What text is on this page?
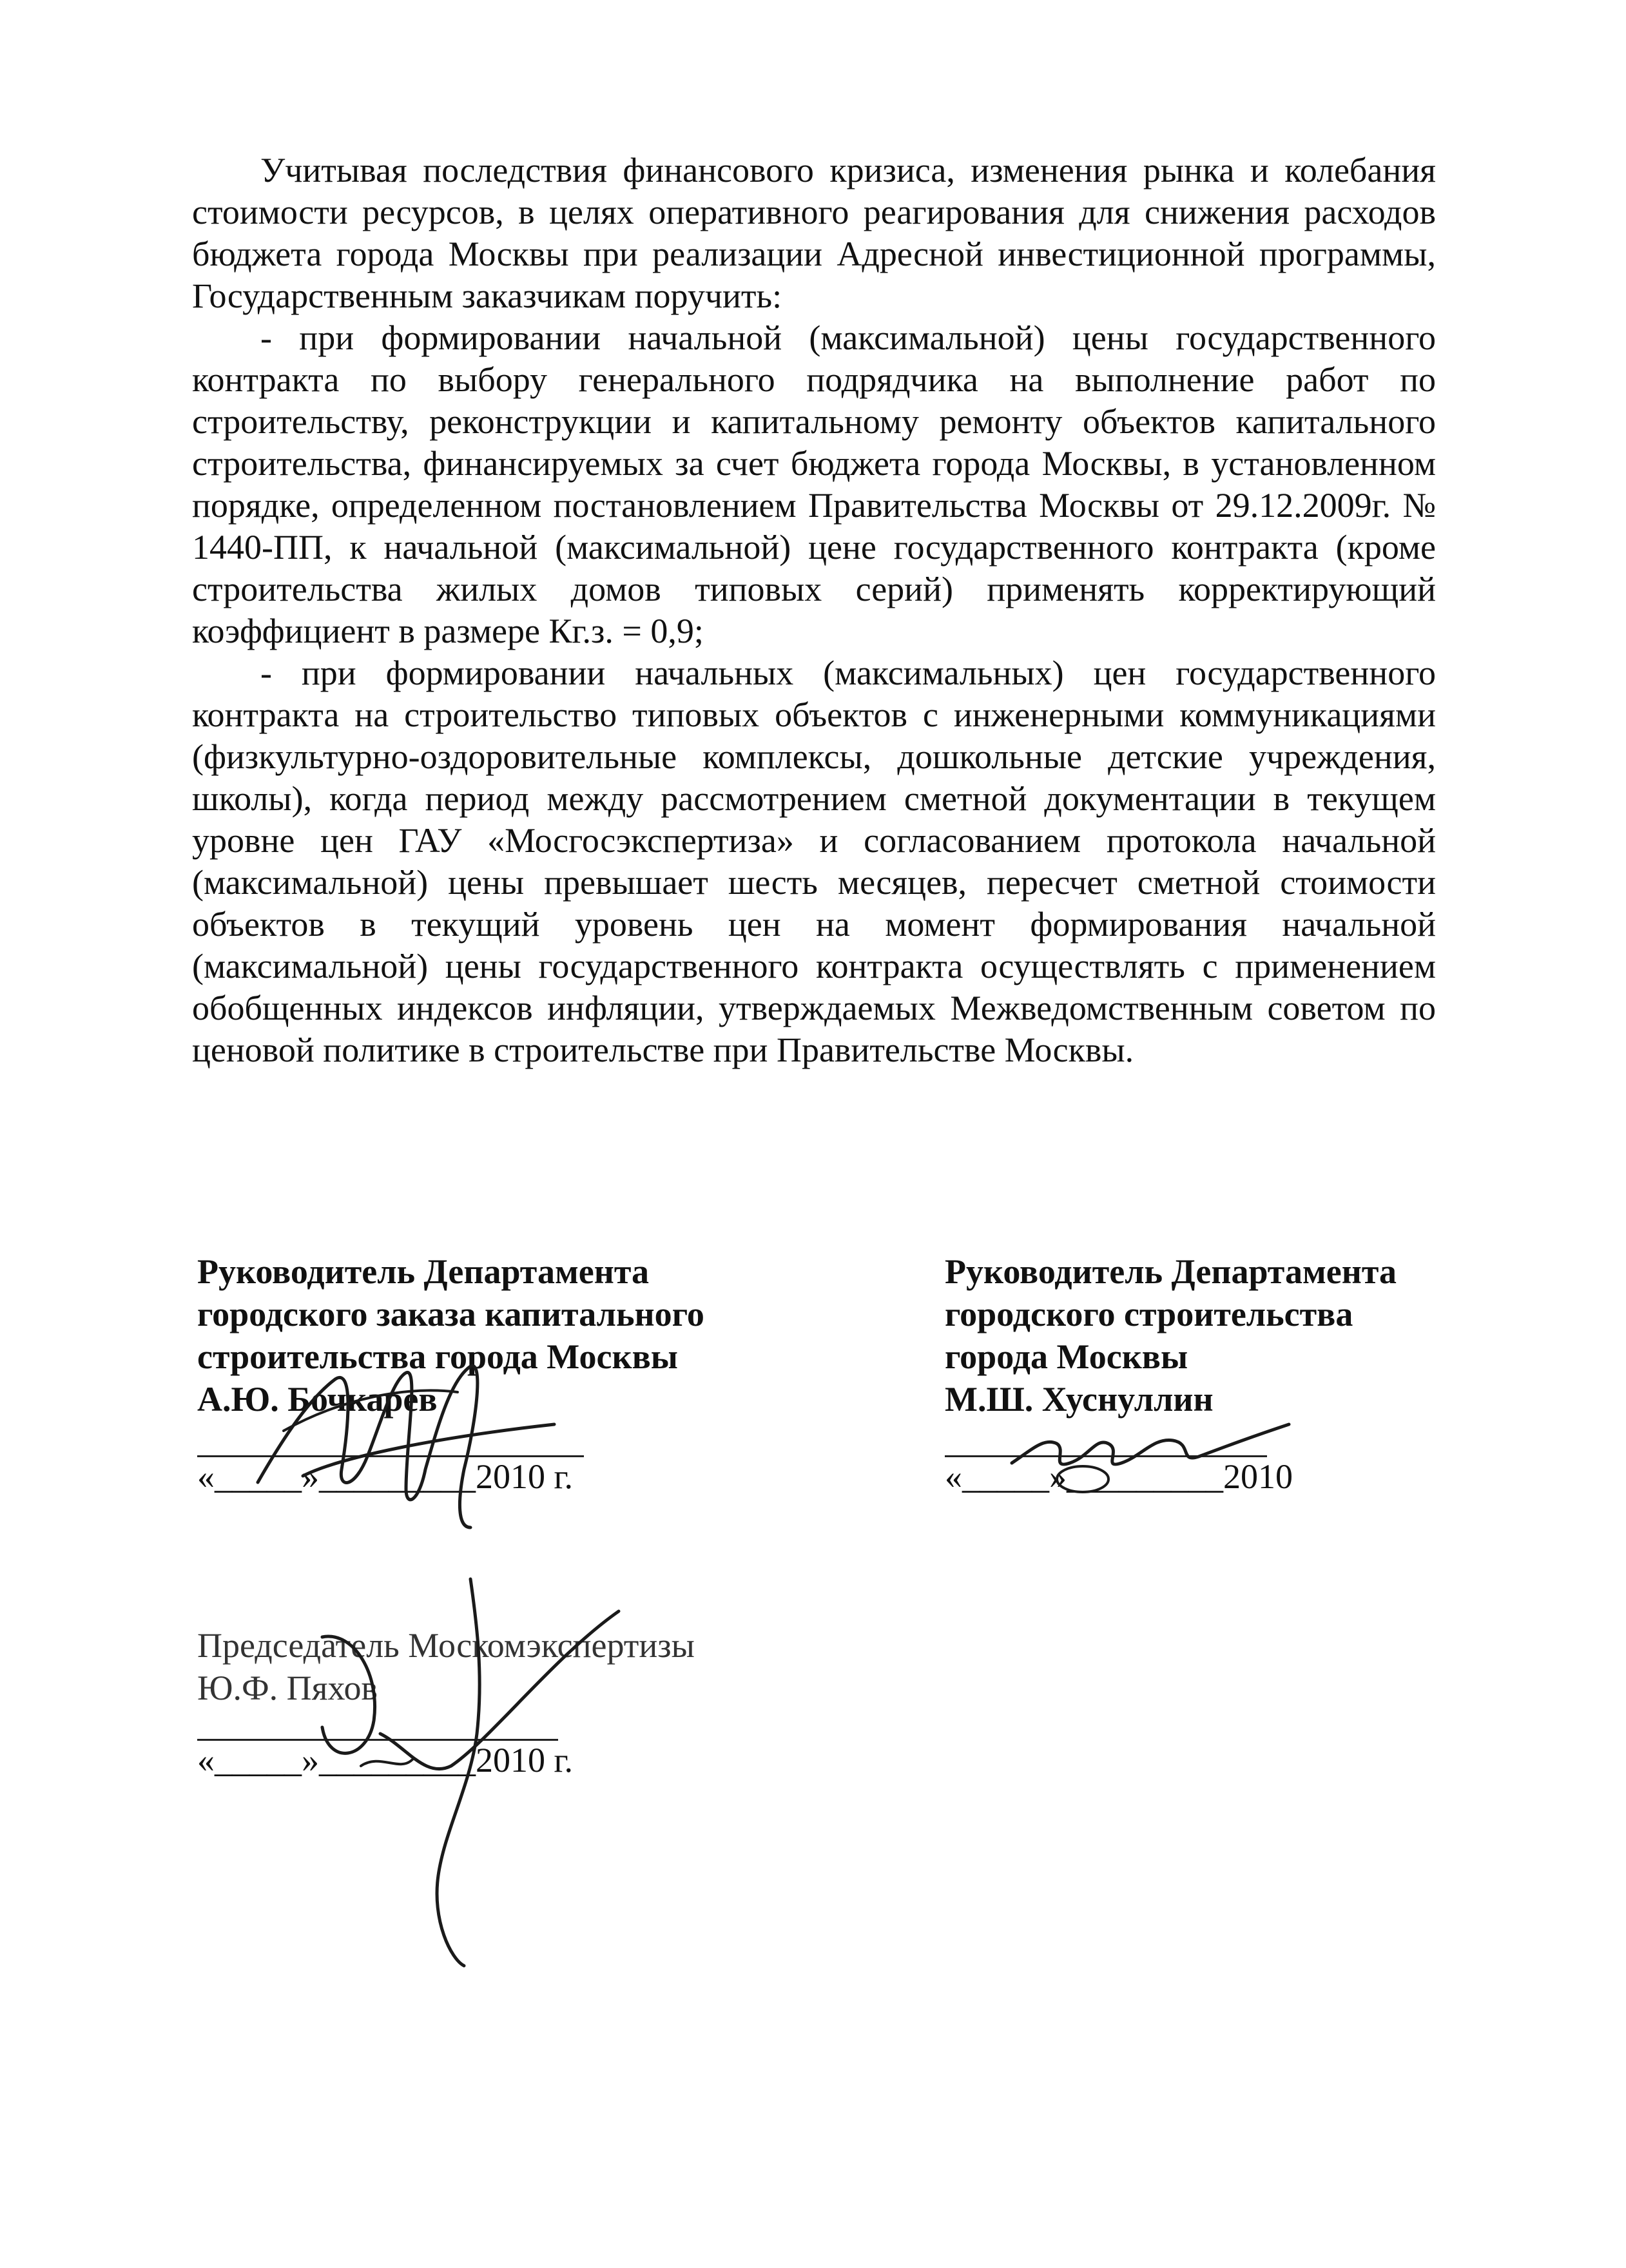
Учитывая последствия финансового кризиса, изменения рынка и колебания стоимости ресурсов, в целях оперативного реагирования для снижения расходов бюджета города Москвы при реализации Адресной инвестиционной программы, Государственным заказчикам поручить:

- при формировании начальной (максимальной) цены государственного контракта по выбору генерального подрядчика на выполнение работ по строительству, реконструкции и капитальному ремонту объектов капитального строительства, финансируемых за счет бюджета города Москвы, в установленном порядке, определенном постановлением Правительства Москвы от 29.12.2009г. № 1440-ПП, к начальной (максимальной) цене государственного контракта (кроме строительства жилых домов типовых серий) применять корректирующий коэффициент в размере Кг.з. = 0,9;

- при формировании начальных (максимальных) цен государственного контракта на строительство типовых объектов с инженерными коммуникациями (физкультурно-оздоровительные комплексы, дошкольные детские учреждения, школы), когда период между рассмотрением сметной документации в текущем уровне цен ГАУ «Мосгосэкспертиза» и согласованием протокола начальной (максимальной) цены превышает шесть месяцев, пересчет сметной стоимости объектов в текущий уровень цен на момент формирования начальной (максимальной) цены государственного контракта осуществлять с применением обобщенных индексов инфляции, утверждаемых Межведомственным советом по ценовой политике в строительстве при Правительстве Москвы.

Руководитель Департамента
городского заказа капитального
строительства города Москвы
А.Ю. Бочкарев
«_____»_________2010 г.
Руководитель Департамента
городского строительства
города Москвы
М.Ш. Хуснуллин
«_____»_________2010
Председатель Москомэкспертизы
Ю.Ф. Пяхов
«_____»_________2010 г.
